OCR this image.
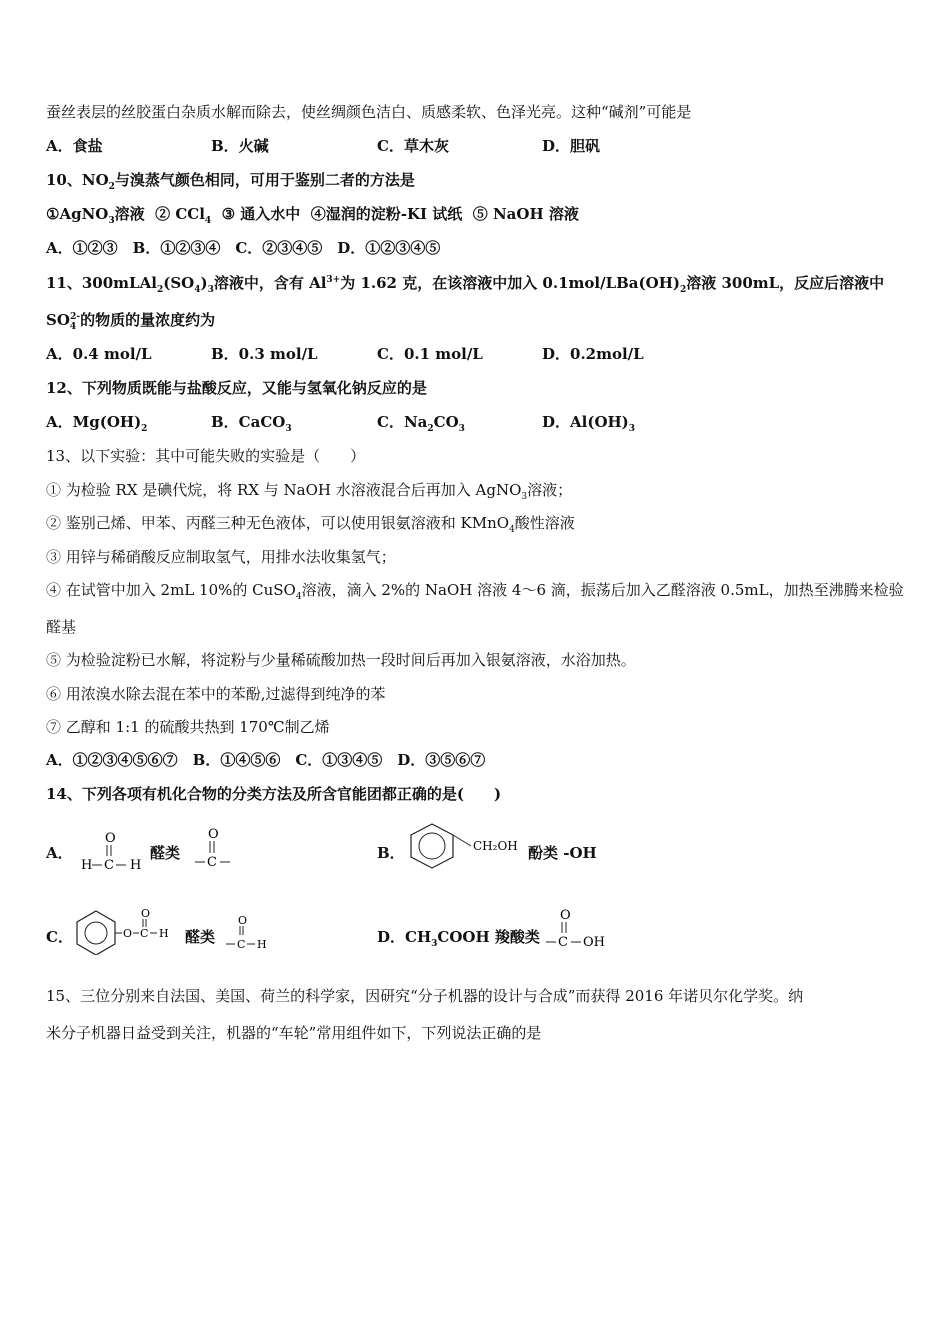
蚕丝表层的丝胶蛋白杂质水解而除去，使丝绸颜色洁白、质感柔软、色泽光亮。这种“碱剂”可能是
A．食盐	B．火碱	C．草木灰	D．胆矾
10、$NO_2$与溴蒸气颜色相同，可用于鉴别二者的方法是
①AgNO$_3$溶液 ② CCl$_4$ ③ 通入水中 ④湿润的淀粉-KI 试纸 ⑤ NaOH 溶液
A．①②③　B．①②③④　C．②③④⑤　D．①②③④⑤
11、$300mLAl_2(SO_4)_3$溶液中，含有 $Al^{3+}$为 1.62 克，在该溶液中加入 $0.1mol/LBa(OH)_2$溶液 300mL，反应后溶液中
$SO_4^{2-}$的物质的量浓度约为
A．0.4 mol/L	B．0.3 mol/L	C．0.1 mol/L	D．0.2mol/L
12、下列物质既能与盐酸反应，又能与氢氧化钠反应的是
A．$Mg(OH)_2$	B．CaCO$_3$	C．$Na_2CO_3$	D．$Al(OH)_3$
13、以下实验：其中可能失败的实验是（　　）
① 为检验 RX 是碘代烷，将 RX 与 NaOH 水溶液混合后再加入 AgNO$_3$溶液；
② 鉴别己烯、甲苯、丙醛三种无色液体，可以使用银氨溶液和 KMnO$_4$酸性溶液
③ 用锌与稀硝酸反应制取氢气，用排水法收集氢气；
④ 在试管中加入 2mL 10%的 CuSO$_4$溶液，滴入 2%的 NaOH 溶液 4～6 滴，振荡后加入乙醛溶液 0.5mL，加热至沸腾来检验
醛基
⑤ 为检验淀粉已水解，将淀粉与少量稀硫酸加热一段时间后再加入银氨溶液，水浴加热。
⑥ 用浓溴水除去混在苯中的苯酚,过滤得到纯净的苯
⑦ 乙醇和 1:1 的硫酸共热到 170℃制乙烯
A．①②③④⑤⑥⑦　B．①④⑤⑥　C．①③④⑤　D．③⑤⑥⑦
14、下列各项有机化合物的分类方法及所含官能团都正确的是(　　)
A．
O
H C H
醛类
O
C
B．	CH₂OH 酚类 -OH
C．	O
O
C H 醛类
O
C H	D．$CH_3COOH$ 羧酸类
O
C OH
15、三位分别来自法国、美国、荷兰的科学家，因研究“分子机器的设计与合成”而获得 2016 年诺贝尔化学奖。纳
米分子机器日益受到关注，机器的“车轮”常用组件如下，下列说法正确的是
